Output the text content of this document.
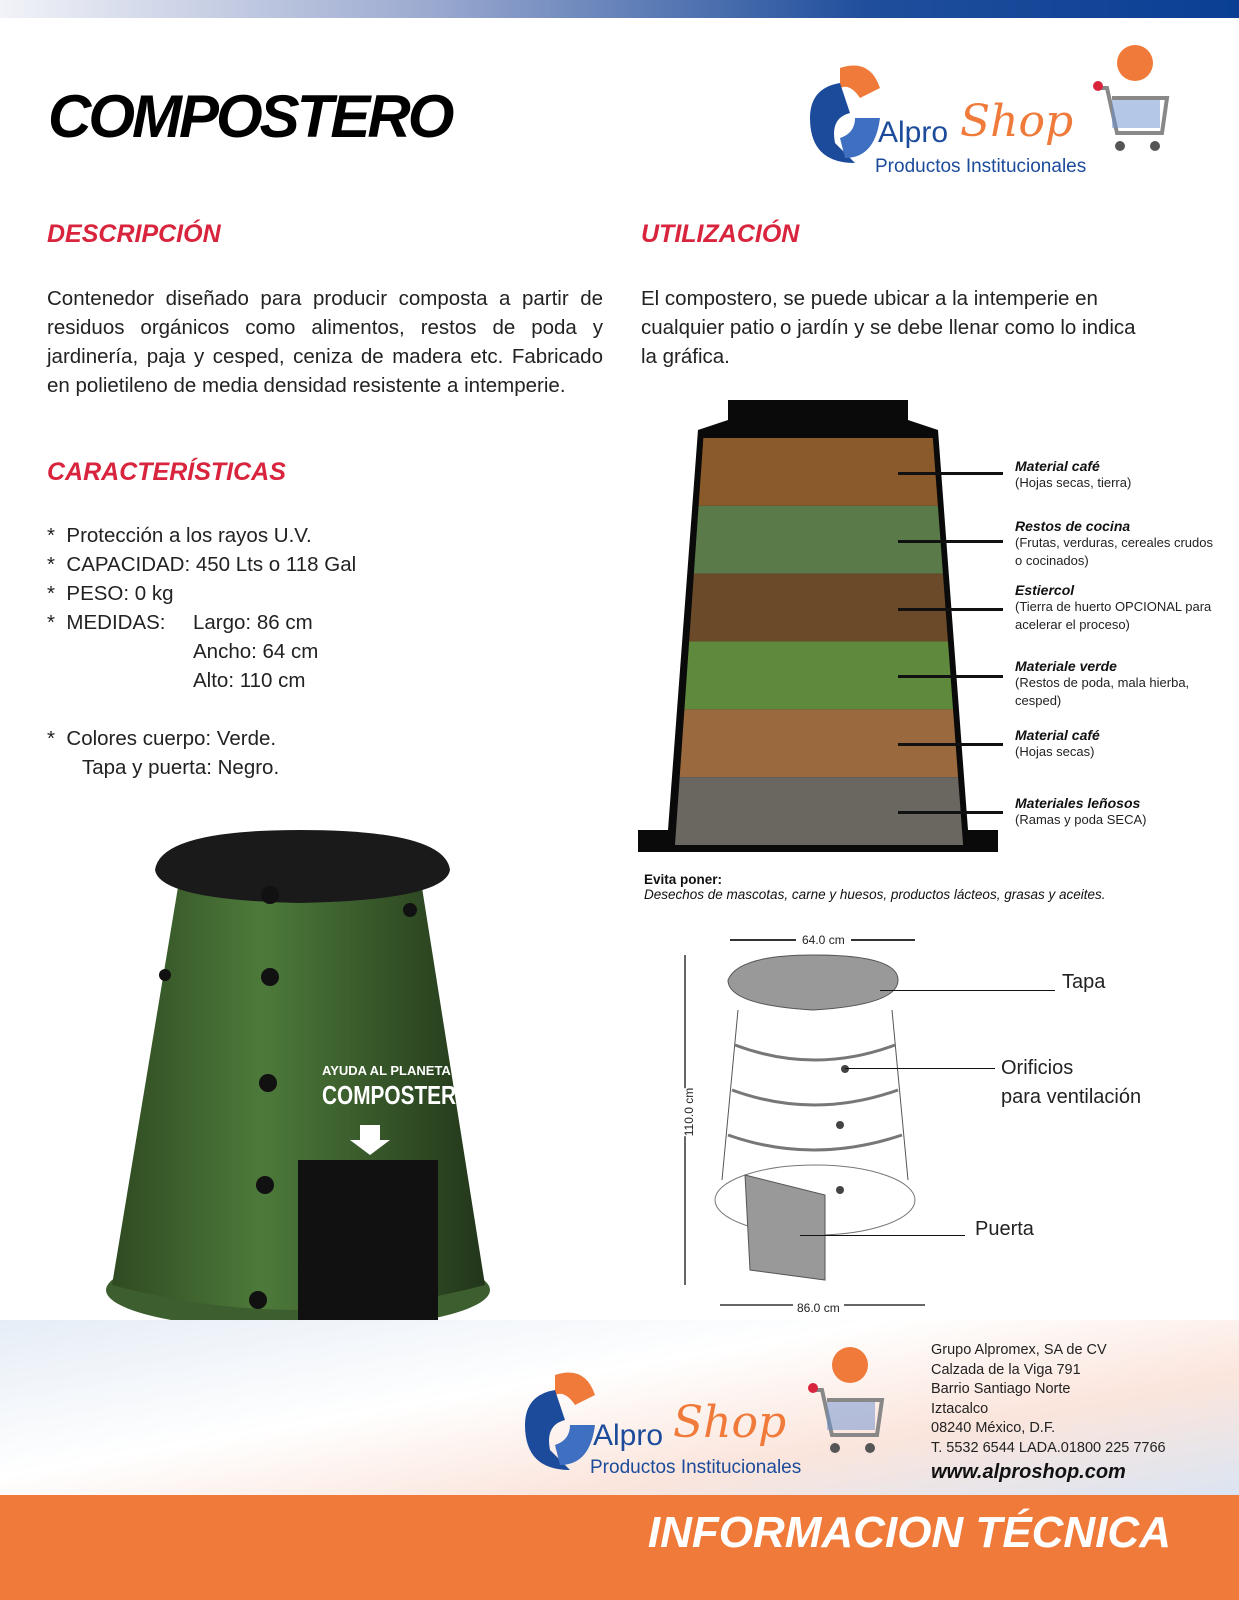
COMPOSTERO	Alpro Shop
Productos Institucionales
DESCRIPCIÓN
Contenedor diseñado para producir composta a partir de residuos orgánicos como alimentos, restos de poda y jardinería, paja y cesped, ceniza de madera etc. Fabricado en polietileno de media densidad resistente a intemperie.
CARACTERÍSTICAS
* Protección a los rayos U.V.
* CAPACIDAD: 450 Lts o 118 Gal
* PESO: 0 kg
* MEDIDAS: Largo: 86 cm
Ancho: 64 cm
Alto: 110 cm
* Colores cuerpo: Verde.
Tapa y puerta: Negro.
UTILIZACIÓN
El compostero, se puede ubicar a la intemperie en cualquier patio o jardín y se debe llenar como lo indica la gráfica.
Evita poner:
Desechos de mascotas, carne y huesos, productos lácteos, grasas y aceites.
64.0 cm
110.0 cm
86.0 cm
Tapa
Orificios
para ventilación
Puerta
AYUDA AL PLANETA
COMPOSTERO
Alpro Shop
Productos Institucionales
Grupo Alpromex, SA de CV
Calzada de la Viga 791
Barrio Santiago Norte
Iztacalco
08240 México, D.F.
T. 5532 6544 LADA.01800 225 7766
www.alproshop.com
INFORMACION TÉCNICA
Material café
(Hojas secas, tierra)
Restos de cocina
(Frutas, verduras, cereales crudos o cocinados)
Estiercol
(Tierra de huerto OPCIONAL para acelerar el proceso)
Materiale verde
(Restos de poda, mala hierba, cesped)
Material café
(Hojas secas)
Materiales leñosos
(Ramas y poda SECA)
